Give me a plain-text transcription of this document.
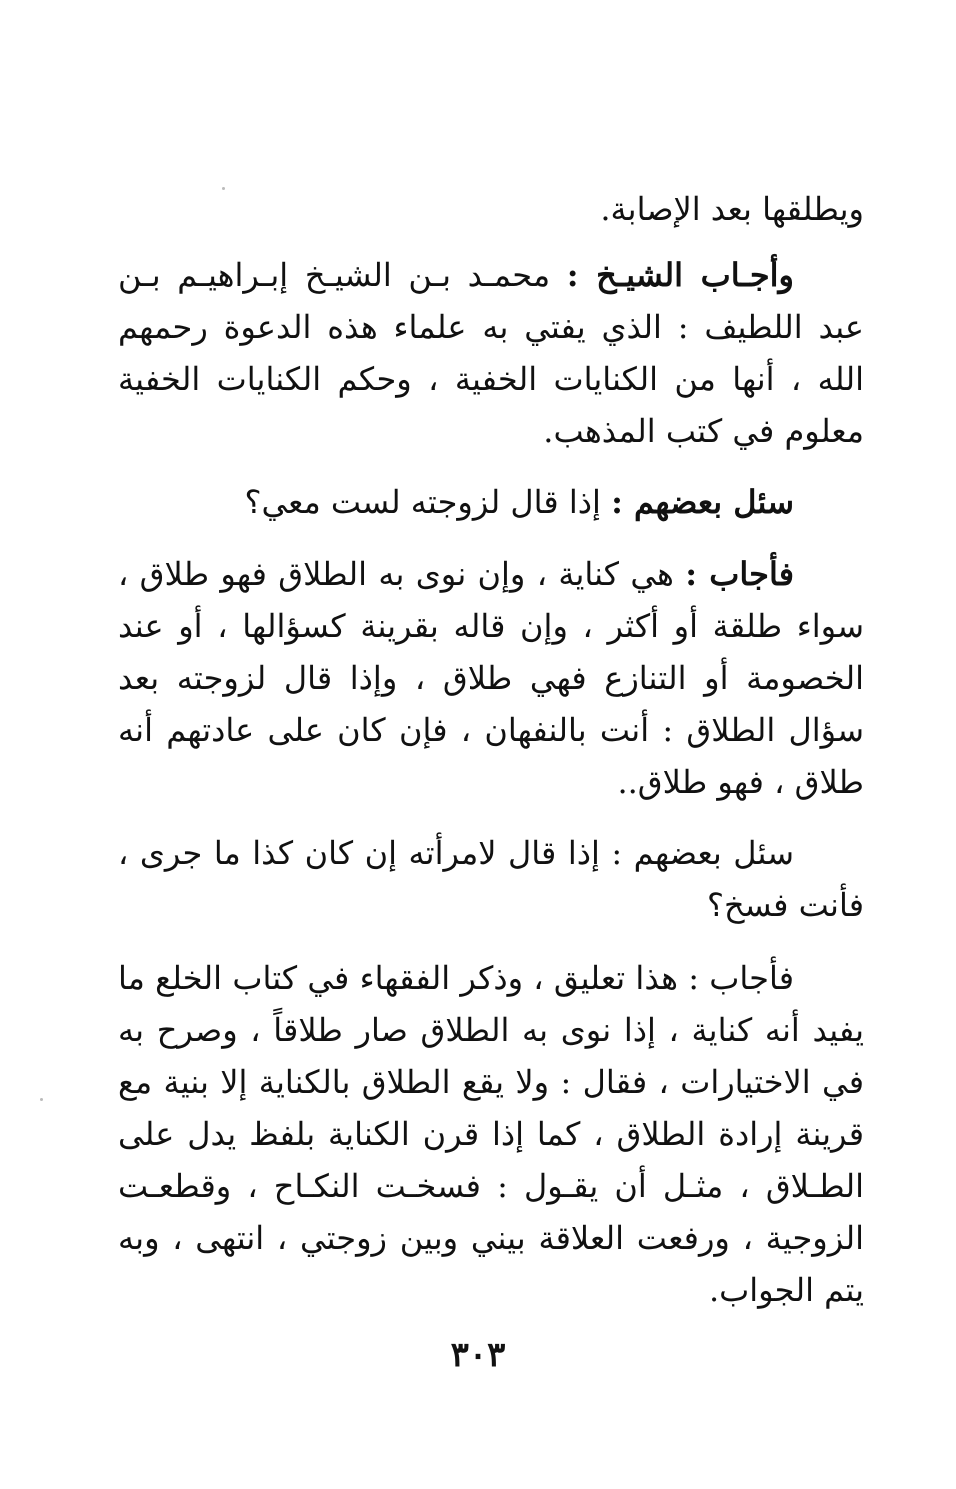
ويطلقها بعد الإصابة.

وأجـاب الشيـخ : محمـد بـن الشيـخ إبـراهيـم بـن عبد اللطيف : الذي يفتي به علماء هذه الدعوة رحمهم الله ، أنها من الكنايات الخفية ، وحكم الكنايات الخفية معلوم في كتب المذهب.

سئل بعضهم : إذا قال لزوجته لست معي؟

فأجاب : هي كناية ، وإن نوى به الطلاق فهو طلاق ، سواء طلقة أو أكثر ، وإن قاله بقرينة كسؤالها ، أو عند الخصومة أو التنازع فهي طلاق ، وإذا قال لزوجته بعد سؤال الطلاق : أنت بالنفهان ، فإن كان على عادتهم أنه طلاق ، فهو طلاق..

سئل بعضهم : إذا قال لامرأته إن كان كذا ما جرى ، فأنت فسخ؟

فأجاب : هذا تعليق ، وذكر الفقهاء في كتاب الخلع ما يفيد أنه كناية ، إذا نوى به الطلاق صار طلاقاً ، وصرح به في الاختيارات ، فقال : ولا يقع الطلاق بالكناية إلا بنية مع قرينة إرادة الطلاق ، كما إذا قرن الكناية بلفظ يدل على الطـلاق ، مثـل أن يقـول : فسخـت النكـاح ، وقطعـت الزوجية ، ورفعت العلاقة بيني وبين زوجتي ، انتهى ، وبه يتم الجواب.

٣٠٣
